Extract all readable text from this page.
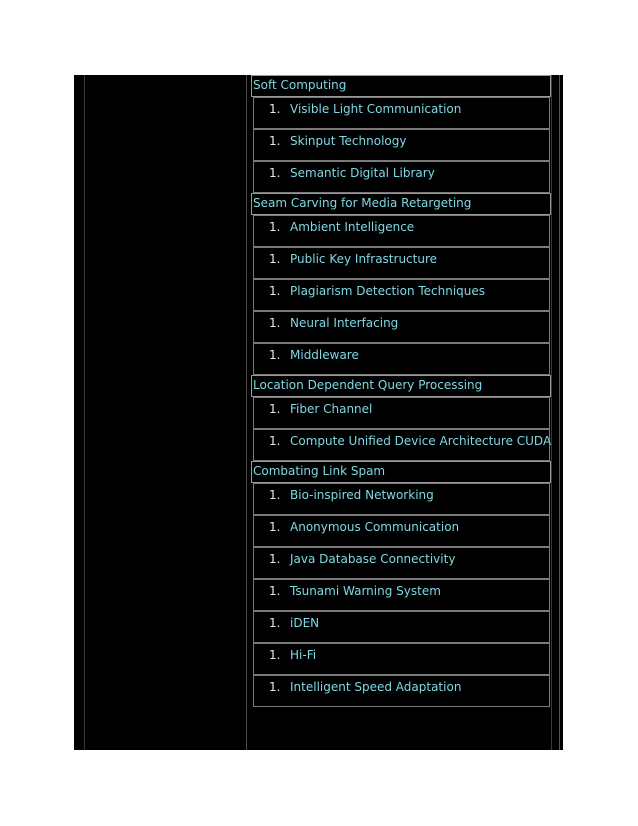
Soft Computing
1. Visible Light Communication
1. Skinput Technology
1. Semantic Digital Library
Seam Carving for Media Retargeting
1. Ambient Intelligence
1. Public Key Infrastructure
1. Plagiarism Detection Techniques
1. Neural Interfacing
1. Middleware
Location Dependent Query Processing
1. Fiber Channel
1. Compute Unified Device Architecture CUDA
Combating Link Spam
1. Bio-inspired Networking
1. Anonymous Communication
1. Java Database Connectivity
1. Tsunami Warning System
1. iDEN
1. Hi-Fi
1. Intelligent Speed Adaptation
